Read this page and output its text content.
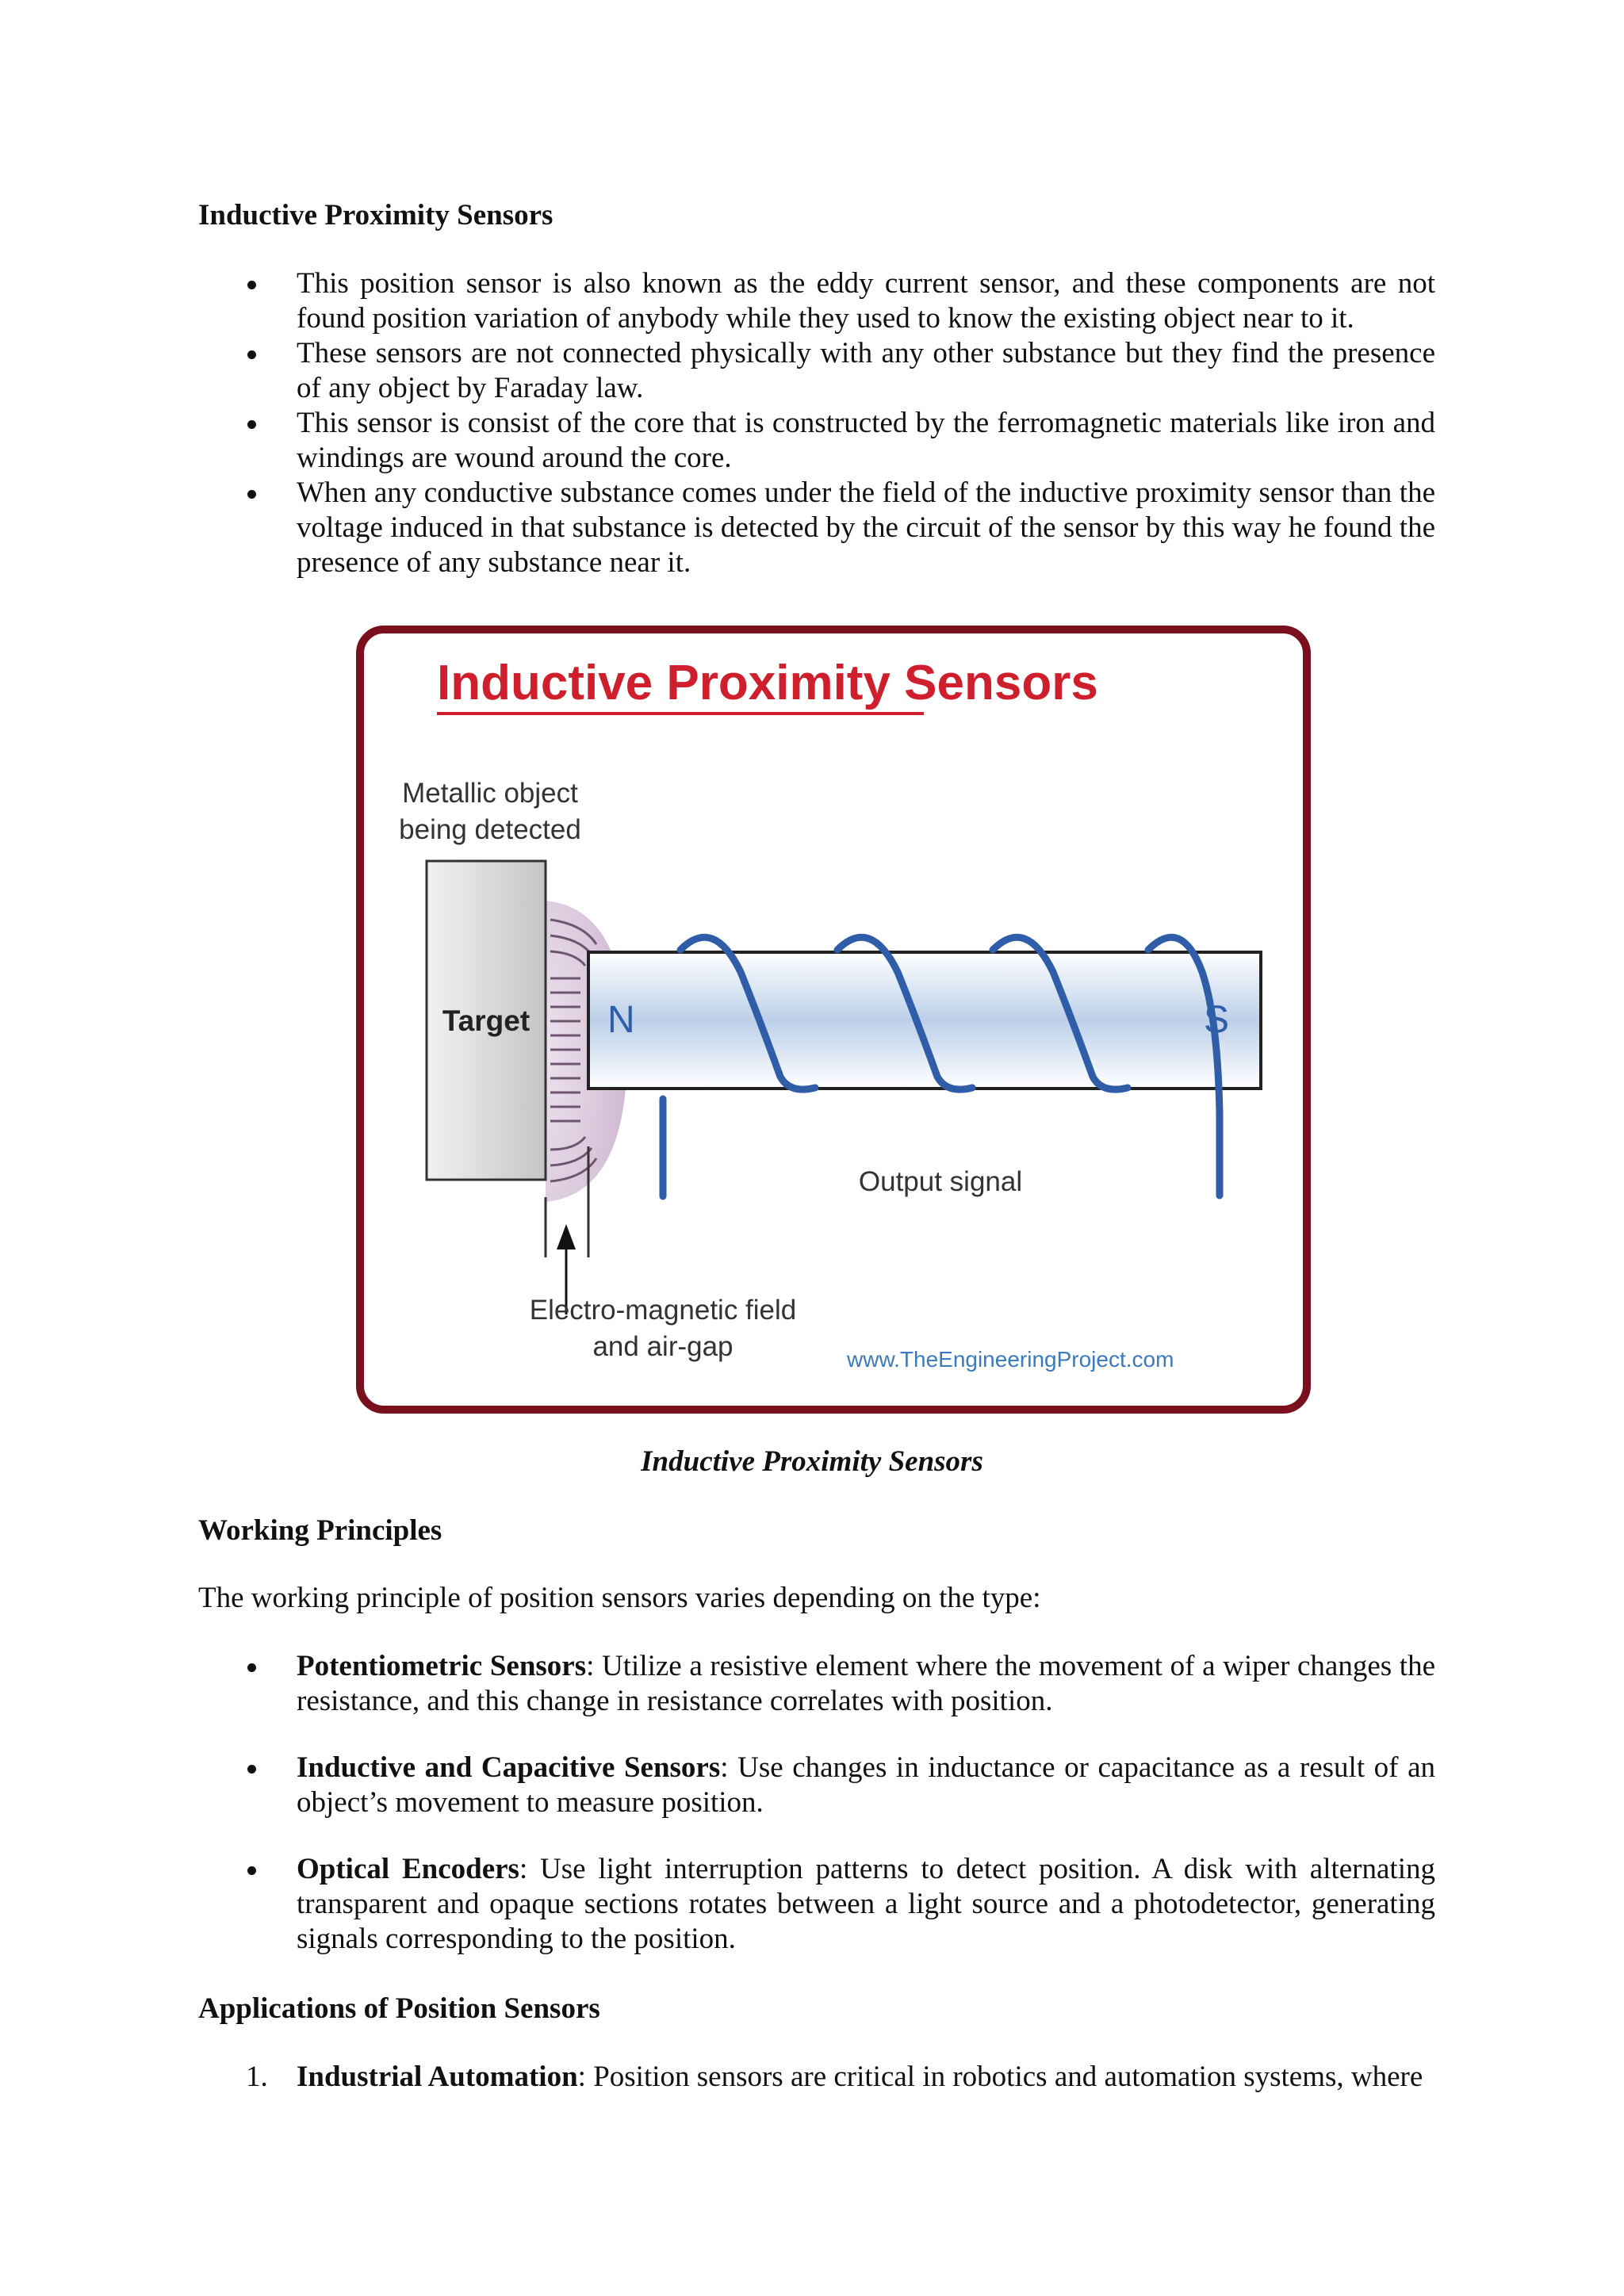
Inductive Proximity Sensors
This position sensor is also known as the eddy current sensor, and these components are not found position variation of anybody while they used to know the existing object near to it.
These sensors are not connected physically with any other substance but they find the presence of any object by Faraday law.
This sensor is consist of the core that is constructed by the ferromagnetic materials like iron and windings are wound around the core.
When any conductive substance comes under the field of the inductive proximity sensor than the voltage induced in that substance is detected by the circuit of the sensor by this way he found the presence of any substance near it.
Inductive Proximity Sensors
Metallic object
being detected
Target N	S
Output signal
Electro-magnetic field
and air-gap	www.TheEngineeringProject.com
Inductive Proximity Sensors
Working Principles
The working principle of position sensors varies depending on the type:
Potentiometric Sensors: Utilize a resistive element where the movement of a wiper changes the resistance, and this change in resistance correlates with position.
Inductive and Capacitive Sensors: Use changes in inductance or capacitance as a result of an object’s movement to measure position.
Optical Encoders: Use light interruption patterns to detect position. A disk with alternating transparent and opaque sections rotates between a light source and a photodetector, generating signals corresponding to the position.
Applications of Position Sensors
1. Industrial Automation: Position sensors are critical in robotics and automation systems, where
